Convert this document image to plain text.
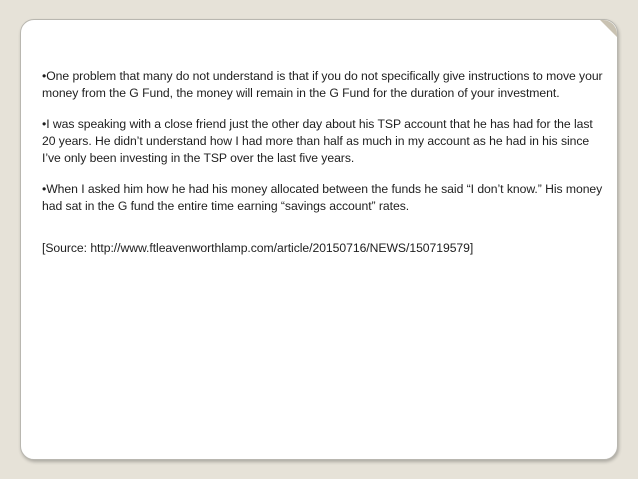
•One problem that many do not understand is that if you do not specifically give instructions to move your money from the G Fund, the money will remain in the G Fund for the duration of your investment.

•I was speaking with a close friend just the other day about his TSP account that he has had for the last 20 years. He didn’t understand how I had more than half as much in my account as he had in his since I’ve only been investing in the TSP over the last five years.

•When I asked him how he had his money allocated between the funds he said “I don’t know.” His money had sat in the G fund the entire time earning “savings account” rates.

[Source: http://www.ftleavenworthlamp.com/article/20150716/NEWS/150719579]
